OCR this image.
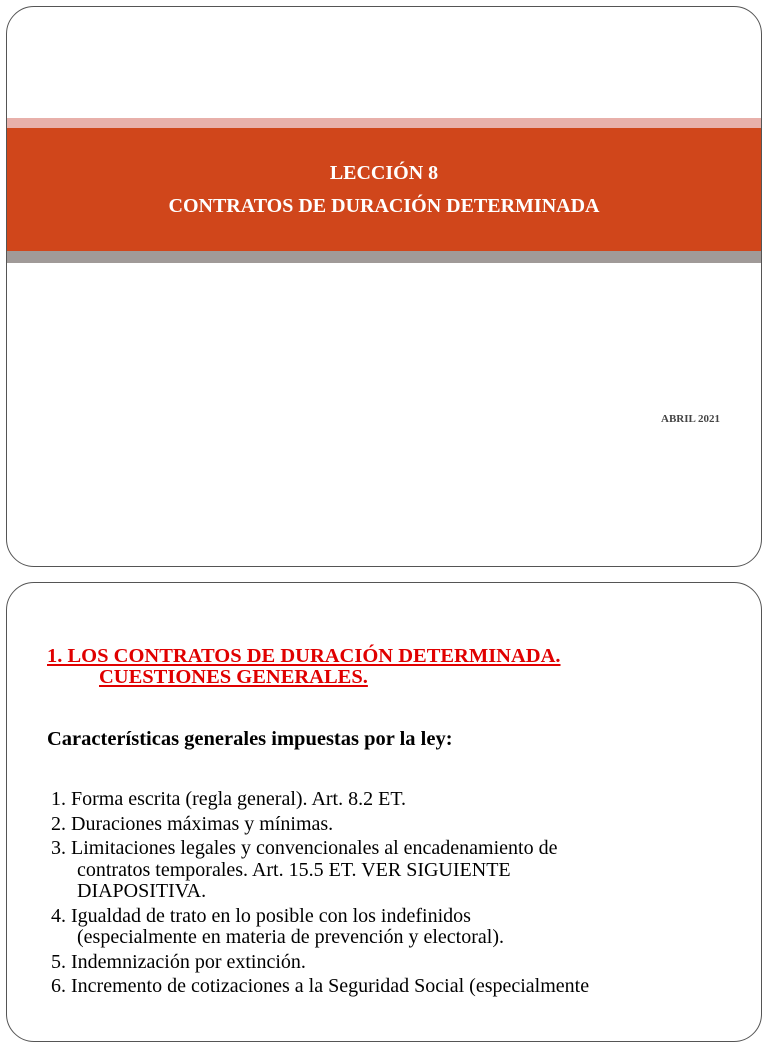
LECCIÓN 8
CONTRATOS DE DURACIÓN DETERMINADA
ABRIL 2021
1. LOS CONTRATOS DE DURACIÓN DETERMINADA.
CUESTIONES GENERALES.
Características generales impuestas por la ley:
1. Forma escrita (regla general). Art. 8.2 ET.
2. Duraciones máximas y mínimas.
3. Limitaciones legales y convencionales al encadenamiento de
contratos temporales. Art. 15.5 ET. VER SIGUIENTE
DIAPOSITIVA.
4. Igualdad de trato en lo posible con los indefinidos
(especialmente en materia de prevención y electoral).
5. Indemnización por extinción.
6. Incremento de cotizaciones a la Seguridad Social (especialmente
